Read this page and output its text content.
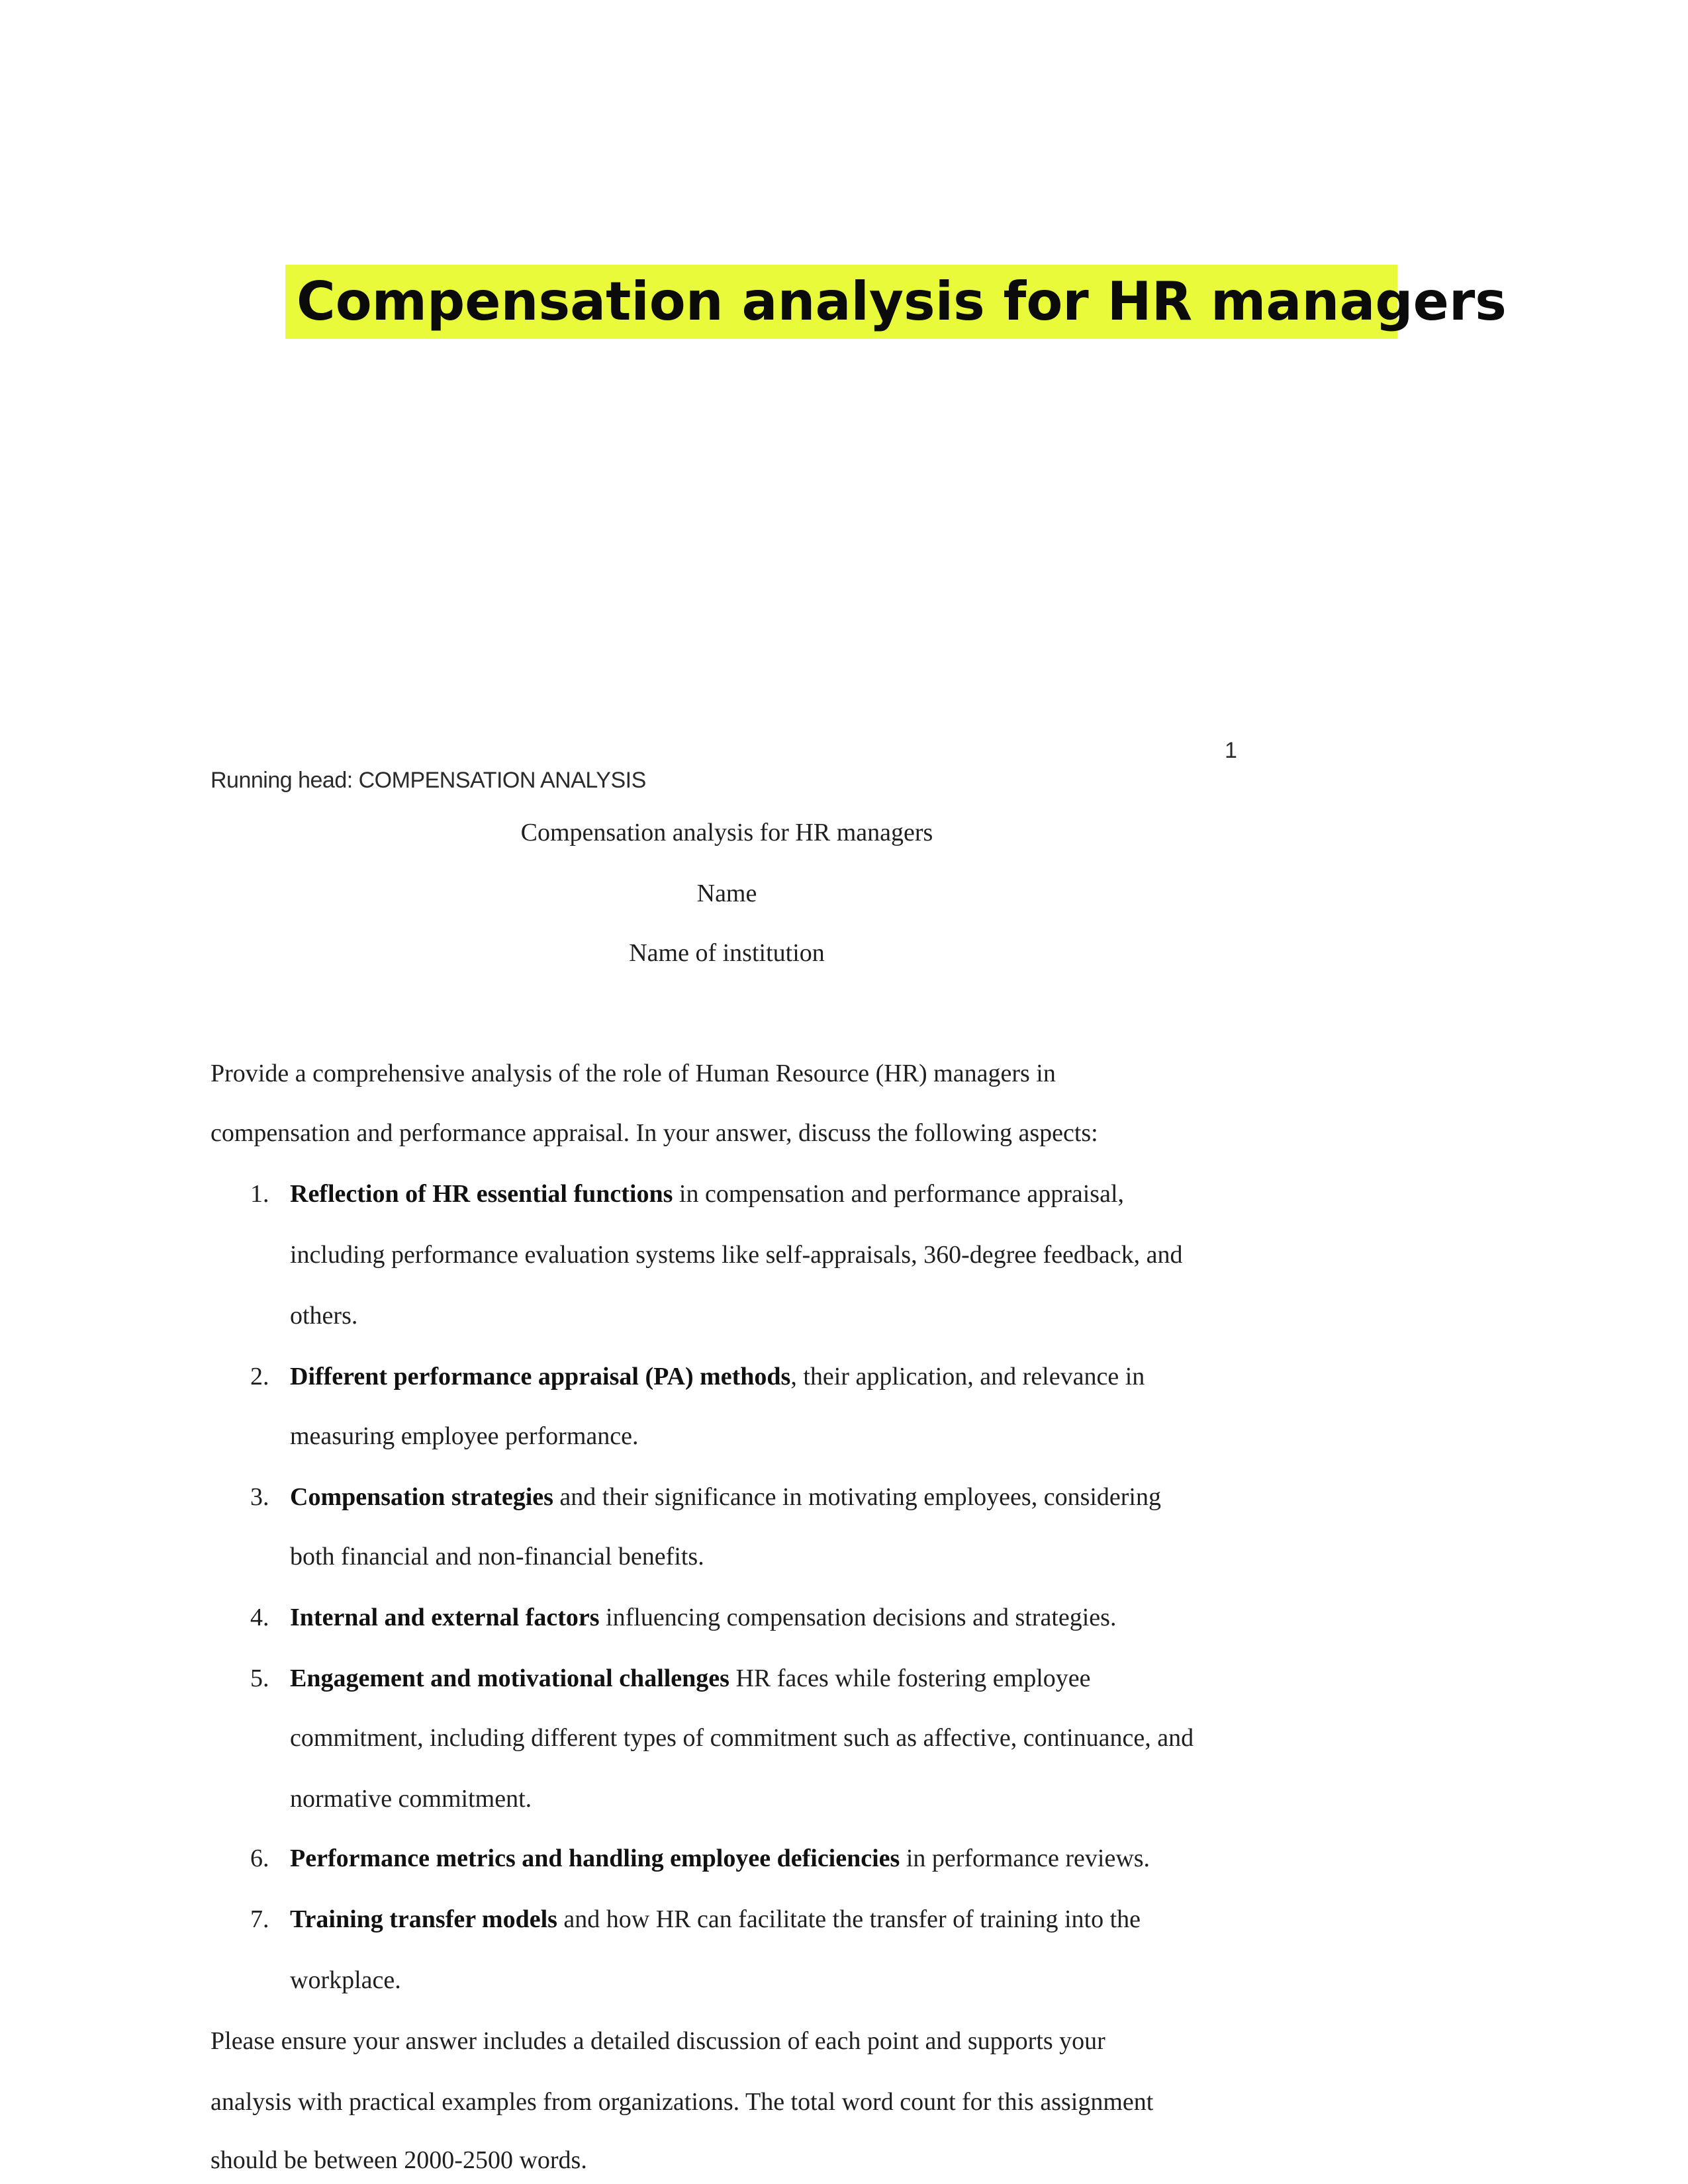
Compensation analysis for HR managers
1
Running head: COMPENSATION ANALYSIS
Compensation analysis for HR managers
Name
Name of institution
Provide a comprehensive analysis of the role of Human Resource (HR) managers in
compensation and performance appraisal. In your answer, discuss the following aspects:
1. Reflection of HR essential functions in compensation and performance appraisal,
including performance evaluation systems like self-appraisals, 360-degree feedback, and
others.
2. Different performance appraisal (PA) methods, their application, and relevance in
measuring employee performance.
3. Compensation strategies and their significance in motivating employees, considering
both financial and non-financial benefits.
4. Internal and external factors influencing compensation decisions and strategies.
5. Engagement and motivational challenges HR faces while fostering employee
commitment, including different types of commitment such as affective, continuance, and
normative commitment.
6. Performance metrics and handling employee deficiencies in performance reviews.
7. Training transfer models and how HR can facilitate the transfer of training into the
workplace.
Please ensure your answer includes a detailed discussion of each point and supports your
analysis with practical examples from organizations. The total word count for this assignment
should be between 2000-2500 words.
